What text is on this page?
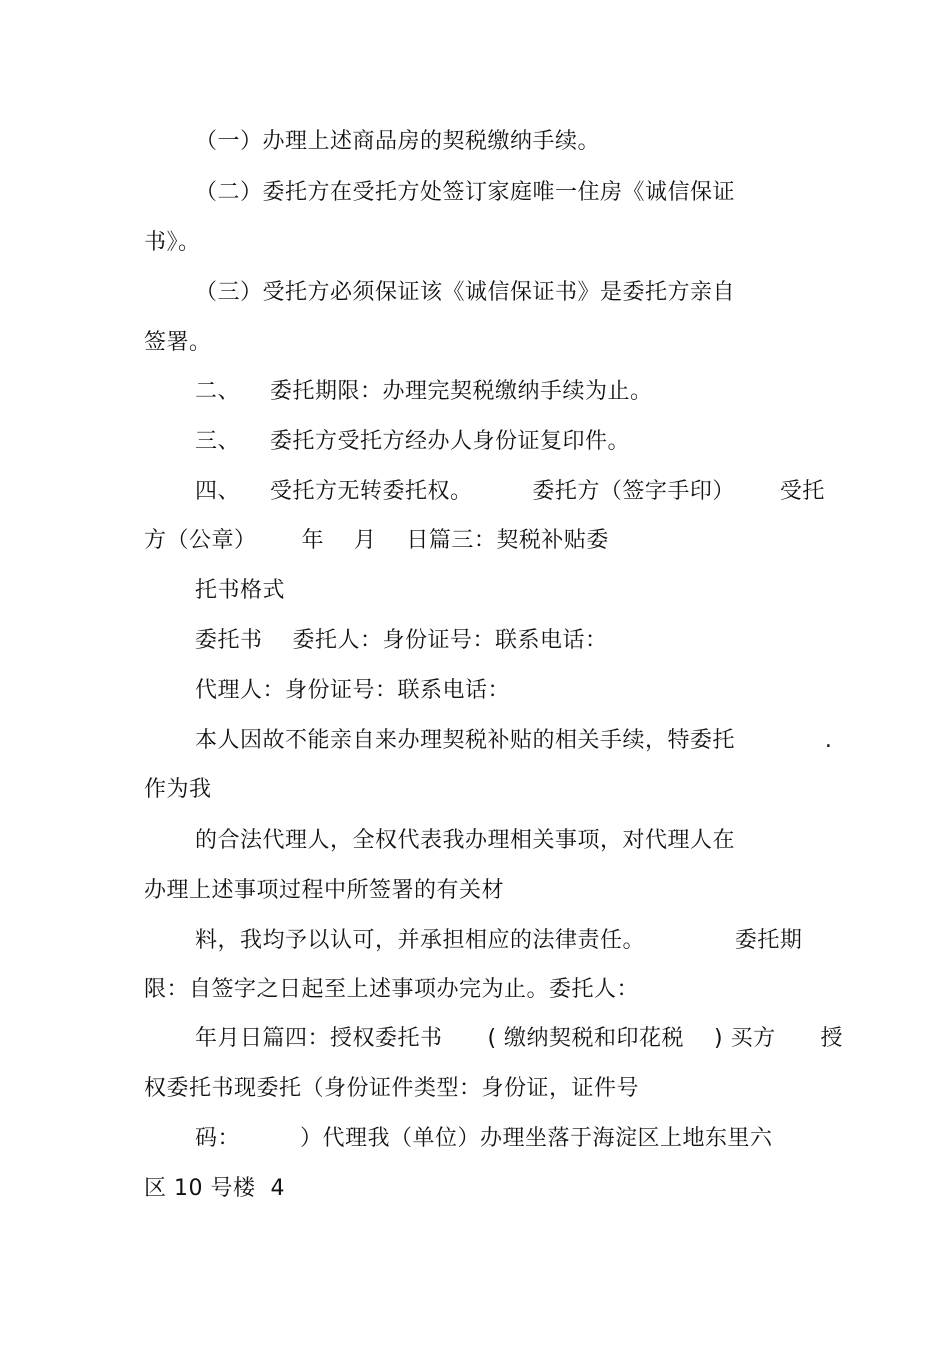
（一）办理上述商品房的契税缴纳手续。
（二）委托方在受托方处签订家庭唯一住房《诚信保证
书》。
（三）受托方必须保证该《诚信保证书》是委托方亲自
签署。
二、    委托期限：办理完契税缴纳手续为止。
三、    委托方受托方经办人身份证复印件。
四、    受托方无转委托权。        委托方（签字手印）      受托
方（公章）      年    月    日篇三：契税补贴委
托书格式
委托书    委托人：身份证号：联系电话：
代理人：身份证号：联系电话：
本人因故不能亲自来办理契税补贴的相关手续，特委托            .
作为我
的合法代理人，全权代表我办理相关事项，对代理人在
办理上述事项过程中所签署的有关材
料，我均予以认可，并承担相应的法律责任。            委托期
限：自签字之日起至上述事项办完为止。委托人：
年月日篇四：授权委托书      ( 缴纳契税和印花税    ) 买方      授
权委托书现委托（身份证件类型：身份证，证件号
码：        ）代理我（单位）办理坐落于海淀区上地东里六
区 10 号楼  4
